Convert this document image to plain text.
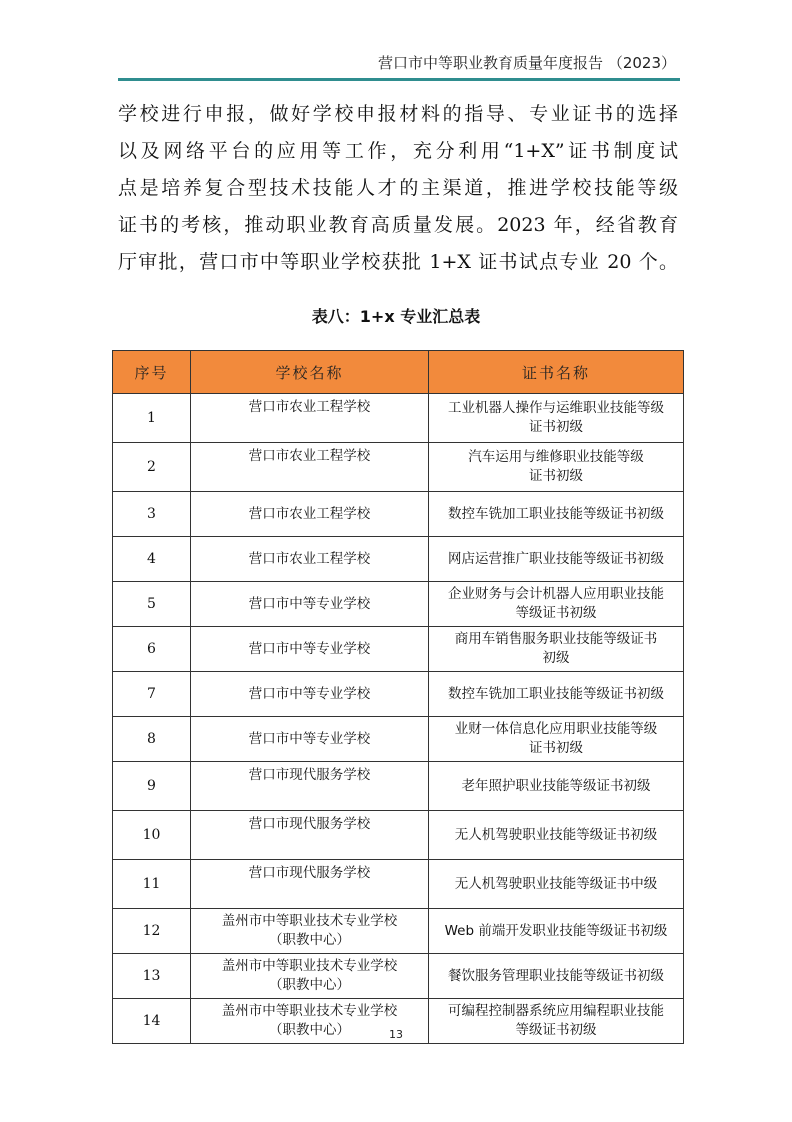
营口市中等职业教育质量年度报告 （2023）
学校进行申报，做好学校申报材料的指导、专业证书的选择
以及网络平台的应用等工作，充分利用“1+X”证书制度试
点是培养复合型技术技能人才的主渠道，推进学校技能等级
证书的考核，推动职业教育高质量发展。2023 年，经省教育
厅审批，营口市中等职业学校获批 1+X 证书试点专业 20 个。
表八：1+x 专业汇总表
序号	学校名称	证书名称
1	营口市农业工程学校	工业机器人操作与运维职业技能等级
证书初级
2	营口市农业工程学校	汽车运用与维修职业技能等级
证书初级
3	营口市农业工程学校	数控车铣加工职业技能等级证书初级
4	营口市农业工程学校	网店运营推广职业技能等级证书初级
5	营口市中等专业学校	企业财务与会计机器人应用职业技能
等级证书初级
6	营口市中等专业学校	商用车销售服务职业技能等级证书
初级
7	营口市中等专业学校	数控车铣加工职业技能等级证书初级
8	营口市中等专业学校	业财一体信息化应用职业技能等级
证书初级
9	营口市现代服务学校	老年照护职业技能等级证书初级
10	营口市现代服务学校	无人机驾驶职业技能等级证书初级
11	营口市现代服务学校	无人机驾驶职业技能等级证书中级
12	盖州市中等职业技术专业学校
（职教中心）	Web 前端开发职业技能等级证书初级
13	盖州市中等职业技术专业学校
（职教中心）	餐饮服务管理职业技能等级证书初级
14	盖州市中等职业技术专业学校
（职教中心）	可编程控制器系统应用编程职业技能
等级证书初级
13
